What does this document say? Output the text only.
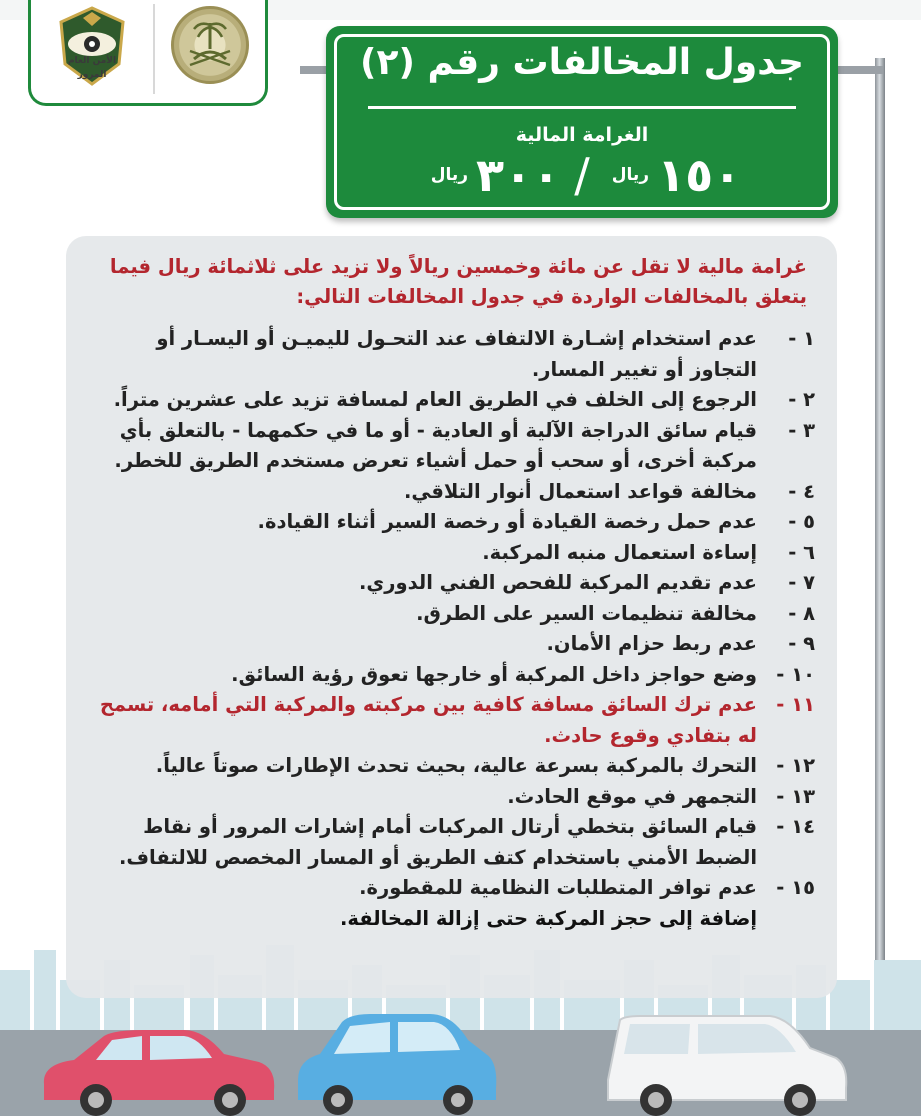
الأمن العام
المرور	جدول المخالفات رقم (٢)
الغرامة المالية
١٥٠ريال/٣٠٠ريال
غرامة مالية لا تقل عن مائة وخمسين ريالاً ولا تزيد على ثلاثمائة ريال فيما يتعلق بالمخالفات الواردة في جدول المخالفات التالي:
١ -
عدم استخدام إشـارة الالتفاف عند التحـول لليميـن أو اليسـار أو التجاوز أو تغيير المسار.
٢ -
الرجوع إلى الخلف في الطريق العام لمسافة تزيد على عشرين متراً.
٣ -
قيام سائق الدراجة الآلية أو العادية - أو ما في حكمهما - بالتعلق بأي مركبة أخرى، أو سحب أو حمل أشياء تعرض مستخدم الطريق للخطر.
٤ -
مخالفة قواعد استعمال أنوار التلاقي.
٥ -
عدم حمل رخصة القيادة أو رخصة السير أثناء القيادة.
٦ -
إساءة استعمال منبه المركبة.
٧ -
عدم تقديم المركبة للفحص الفني الدوري.
٨ -
مخالفة تنظيمات السير على الطرق.
٩ -
عدم ربط حزام الأمان.
١٠ -
وضع حواجز داخل المركبة أو خارجها تعوق رؤية السائق.
١١ -
عدم ترك السائق مسافة كافية بين مركبته والمركبة التي أمامه، تسمح له بتفادي وقوع حادث.
١٢ -
التحرك بالمركبة بسرعة عالية، بحيث تحدث الإطارات صوتاً عالياً.
١٣ -
التجمهر في موقع الحادث.
١٤ -
قيام السائق بتخطي أرتال المركبات أمام إشارات المرور أو نقاط الضبط الأمني باستخدام كتف الطريق أو المسار المخصص للالتفاف.
١٥ -
عدم توافر المتطلبات النظامية للمقطورة.
إضافة إلى حجز المركبة حتى إزالة المخالفة.
